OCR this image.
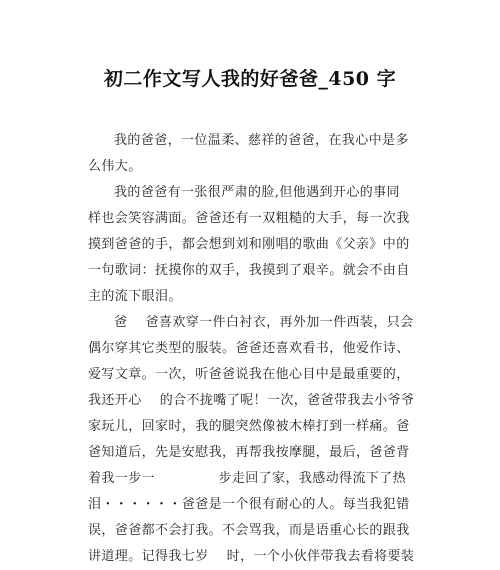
初二作文写人我的好爸爸_450 字
我的爸爸，一位温柔、慈祥的爸爸，在我心中是多
么伟大。
我的爸爸有一张很严肃的脸,但他遇到开心的事同
样也会笑容满面。爸爸还有一双粗糙的大手，每一次我
摸到爸爸的手，都会想到刘和刚唱的歌曲《父亲》中的
一句歌词：抚摸你的双手，我摸到了艰辛。就会不由自
主的流下眼泪。
爸    爸喜欢穿一件白衬衣，再外加一件西装，只会
偶尔穿其它类型的服装。爸爸还喜欢看书，他爱作诗、
爱写文章。一次，听爸爸说我在他心目中是最重要的，
我还开心    的合不拢嘴了呢！一次，爸爸带我去小爷爷
家玩儿，回家时，我的腿突然像被木棒打到一样痛。爸
爸知道后，先是安慰我，再帮我按摩腿，最后，爸爸背
着我一步一              步走回了家，我感动得流下了热
泪・・・・・・爸爸是一个很有耐心的人。每当我犯错
误，爸爸都不会打我。不会骂我，而是语重心长的跟我
讲道理。记得我七岁    时，一个小伙伴带我去看将要装
